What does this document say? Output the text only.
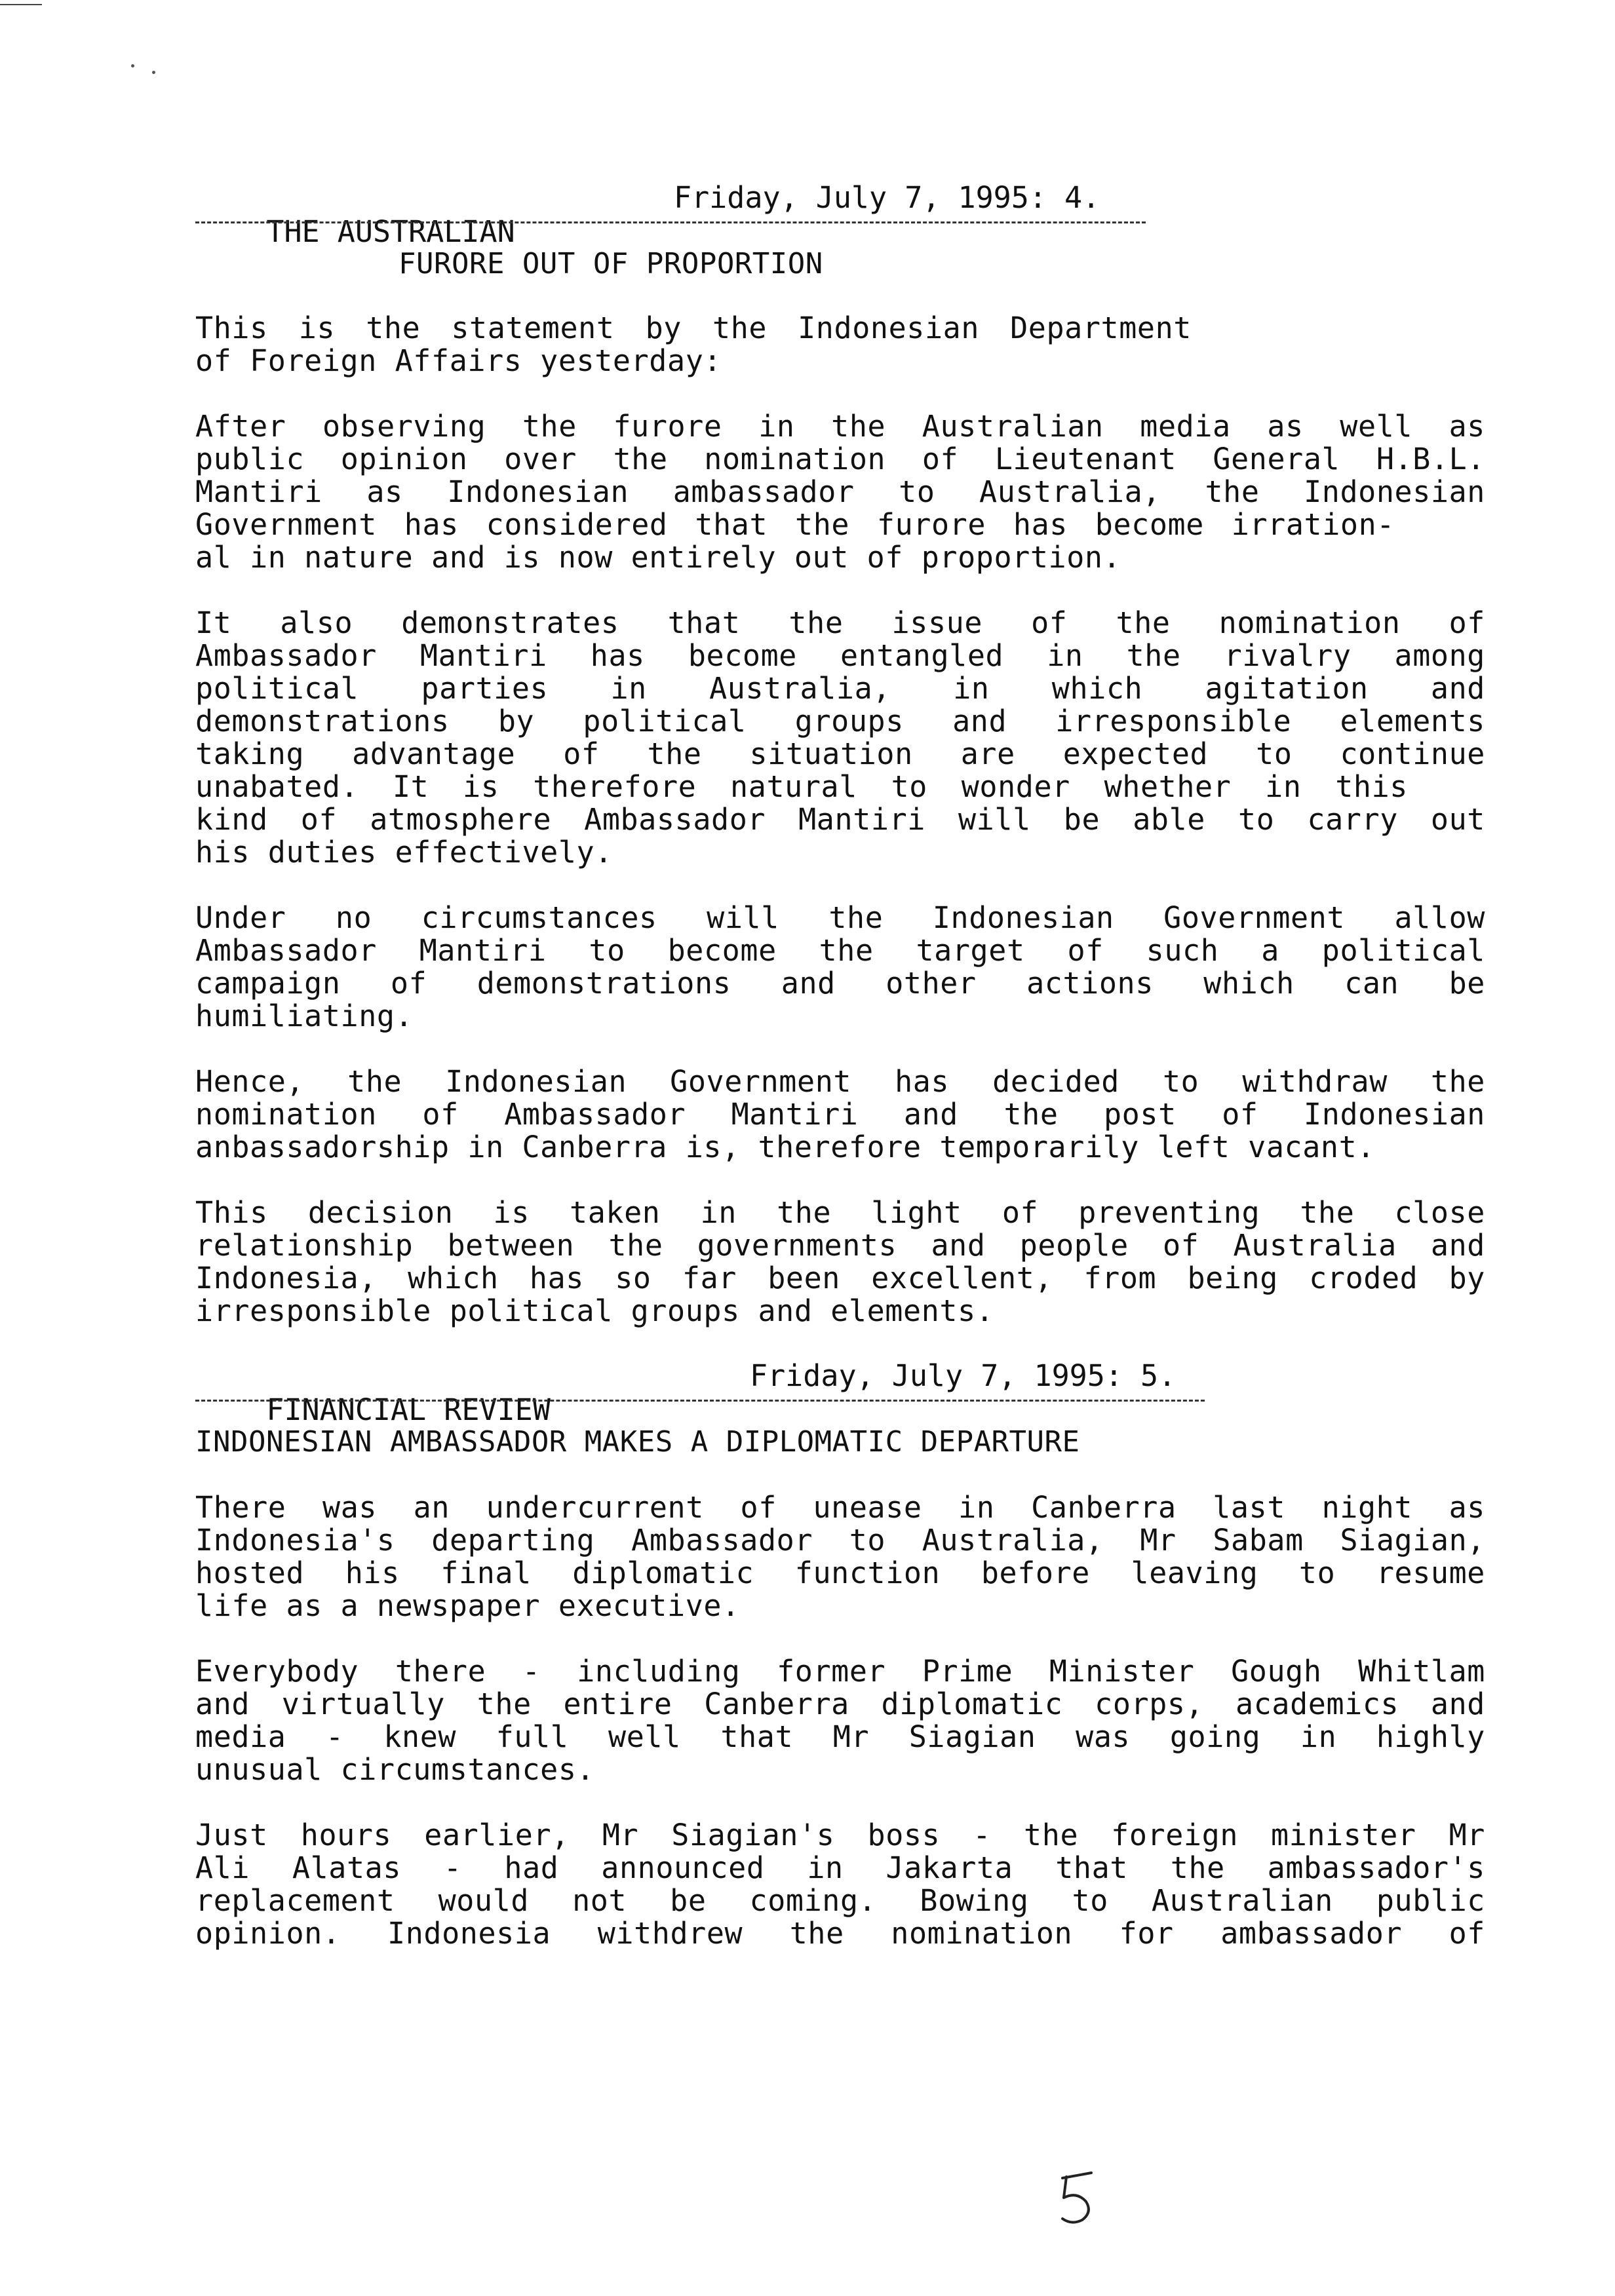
THE AUSTRALIAN

Friday, July 7, 1995: 4.

FURORE OUT OF PROPORTION
This is the statement by the Indonesian Department
of Foreign Affairs yesterday:
After observing the furore in the Australian media as well as
public opinion over the nomination of Lieutenant General H.B.L.
Mantiri as Indonesian ambassador to Australia, the Indonesian
Government has considered that the furore has become irration-
al in nature and is now entirely out of proportion.
It also demonstrates that the issue of the nomination of
Ambassador Mantiri has become entangled in the rivalry among
political parties in Australia, in which agitation and
demonstrations by political groups and irresponsible elements
taking advantage of the situation are expected to continue
unabated. It is therefore natural to wonder whether in this
kind of atmosphere Ambassador Mantiri will be able to carry out
his duties effectively.
Under no circumstances will the Indonesian Government allow
Ambassador Mantiri to become the target of such a political
campaign of demonstrations and other actions which can be
humiliating.
Hence, the Indonesian Government has decided to withdraw the
nomination of Ambassador Mantiri and the post of Indonesian
anbassadorship in Canberra is, therefore temporarily left vacant.
This decision is taken in the light of preventing the close
relationship between the governments and people of Australia and
Indonesia, which has so far been excellent, from being croded by
irresponsible political groups and elements.

FINANCIAL REVIEW

Friday, July 7, 1995: 5.

INDONESIAN AMBASSADOR MAKES A DIPLOMATIC DEPARTURE
There was an undercurrent of unease in Canberra last night as
Indonesia's departing Ambassador to Australia, Mr Sabam Siagian,
hosted his final diplomatic function before leaving to resume
life as a newspaper executive.
Everybody there - including former Prime Minister Gough Whitlam
and virtually the entire Canberra diplomatic corps, academics and
media - knew full well that Mr Siagian was going in highly
unusual circumstances.
Just hours earlier, Mr Siagian's boss - the foreign minister Mr
Ali Alatas - had announced in Jakarta that the ambassador's
replacement would not be coming. Bowing to Australian public
opinion. Indonesia withdrew the nomination for ambassador of
